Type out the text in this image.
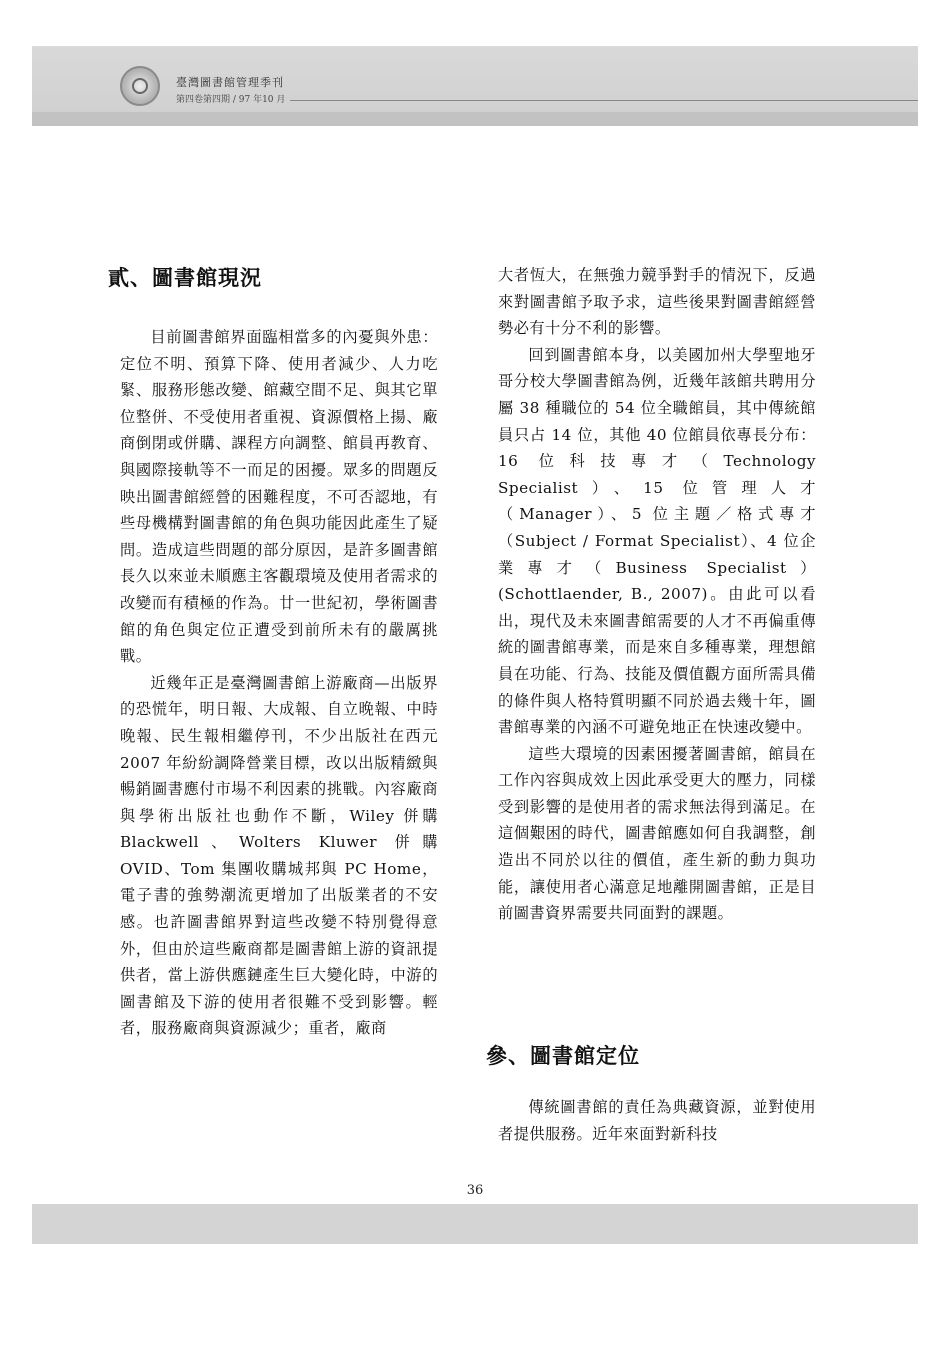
臺灣圖書館管理季刊
第四卷第四期 / 97 年10 月
貳、圖書館現況

目前圖書館界面臨相當多的內憂與外患：定位不明、預算下降、使用者減少、人力吃緊、服務形態改變、館藏空間不足、與其它單位整併、不受使用者重視、資源價格上揚、廠商倒閉或併購、課程方向調整、館員再教育、與國際接軌等不一而足的困擾。眾多的問題反映出圖書館經營的困難程度，不可否認地，有些母機構對圖書館的角色與功能因此產生了疑問。造成這些問題的部分原因，是許多圖書館長久以來並未順應主客觀環境及使用者需求的改變而有積極的作為。廿一世紀初，學術圖書館的角色與定位正遭受到前所未有的嚴厲挑戰。

近幾年正是臺灣圖書館上游廠商—出版界的恐慌年，明日報、大成報、自立晚報、中時晚報、民生報相繼停刊，不少出版社在西元 2007 年紛紛調降營業目標，改以出版精緻與暢銷圖書應付市場不利因素的挑戰。內容廠商與學術出版社也動作不斷，Wiley 併購 Blackwell、Wolters Kluwer 併購 OVID、Tom 集團收購城邦與 PC Home，電子書的強勢潮流更增加了出版業者的不安感。也許圖書館界對這些改變不特別覺得意外，但由於這些廠商都是圖書館上游的資訊提供者，當上游供應鏈產生巨大變化時，中游的圖書館及下游的使用者很難不受到影響。輕者，服務廠商與資源減少；重者，廠商

大者恆大，在無強力競爭對手的情況下，反過來對圖書館予取予求，這些後果對圖書館經營勢必有十分不利的影響。

回到圖書館本身，以美國加州大學聖地牙哥分校大學圖書館為例，近幾年該館共聘用分屬 38 種職位的 54 位全職館員，其中傳統館員只占 14 位，其他 40 位館員依專長分布：16 位科技專才（Technology Specialist）、15 位管理人才（Manager）、5 位主題／格式專才（Subject / Format Specialist）、4 位企業專才（Business Specialist）(Schottlaender, B., 2007)。由此可以看出，現代及未來圖書館需要的人才不再偏重傳統的圖書館專業，而是來自多種專業，理想館員在功能、行為、技能及價值觀方面所需具備的條件與人格特質明顯不同於過去幾十年，圖書館專業的內涵不可避免地正在快速改變中。

這些大環境的因素困擾著圖書館，館員在工作內容與成效上因此承受更大的壓力，同樣受到影響的是使用者的需求無法得到滿足。在這個艱困的時代，圖書館應如何自我調整，創造出不同於以往的價值，產生新的動力與功能，讓使用者心滿意足地離開圖書館，正是目前圖書資界需要共同面對的課題。

參、圖書館定位

傳統圖書館的責任為典藏資源，並對使用者提供服務。近年來面對新科技

36
